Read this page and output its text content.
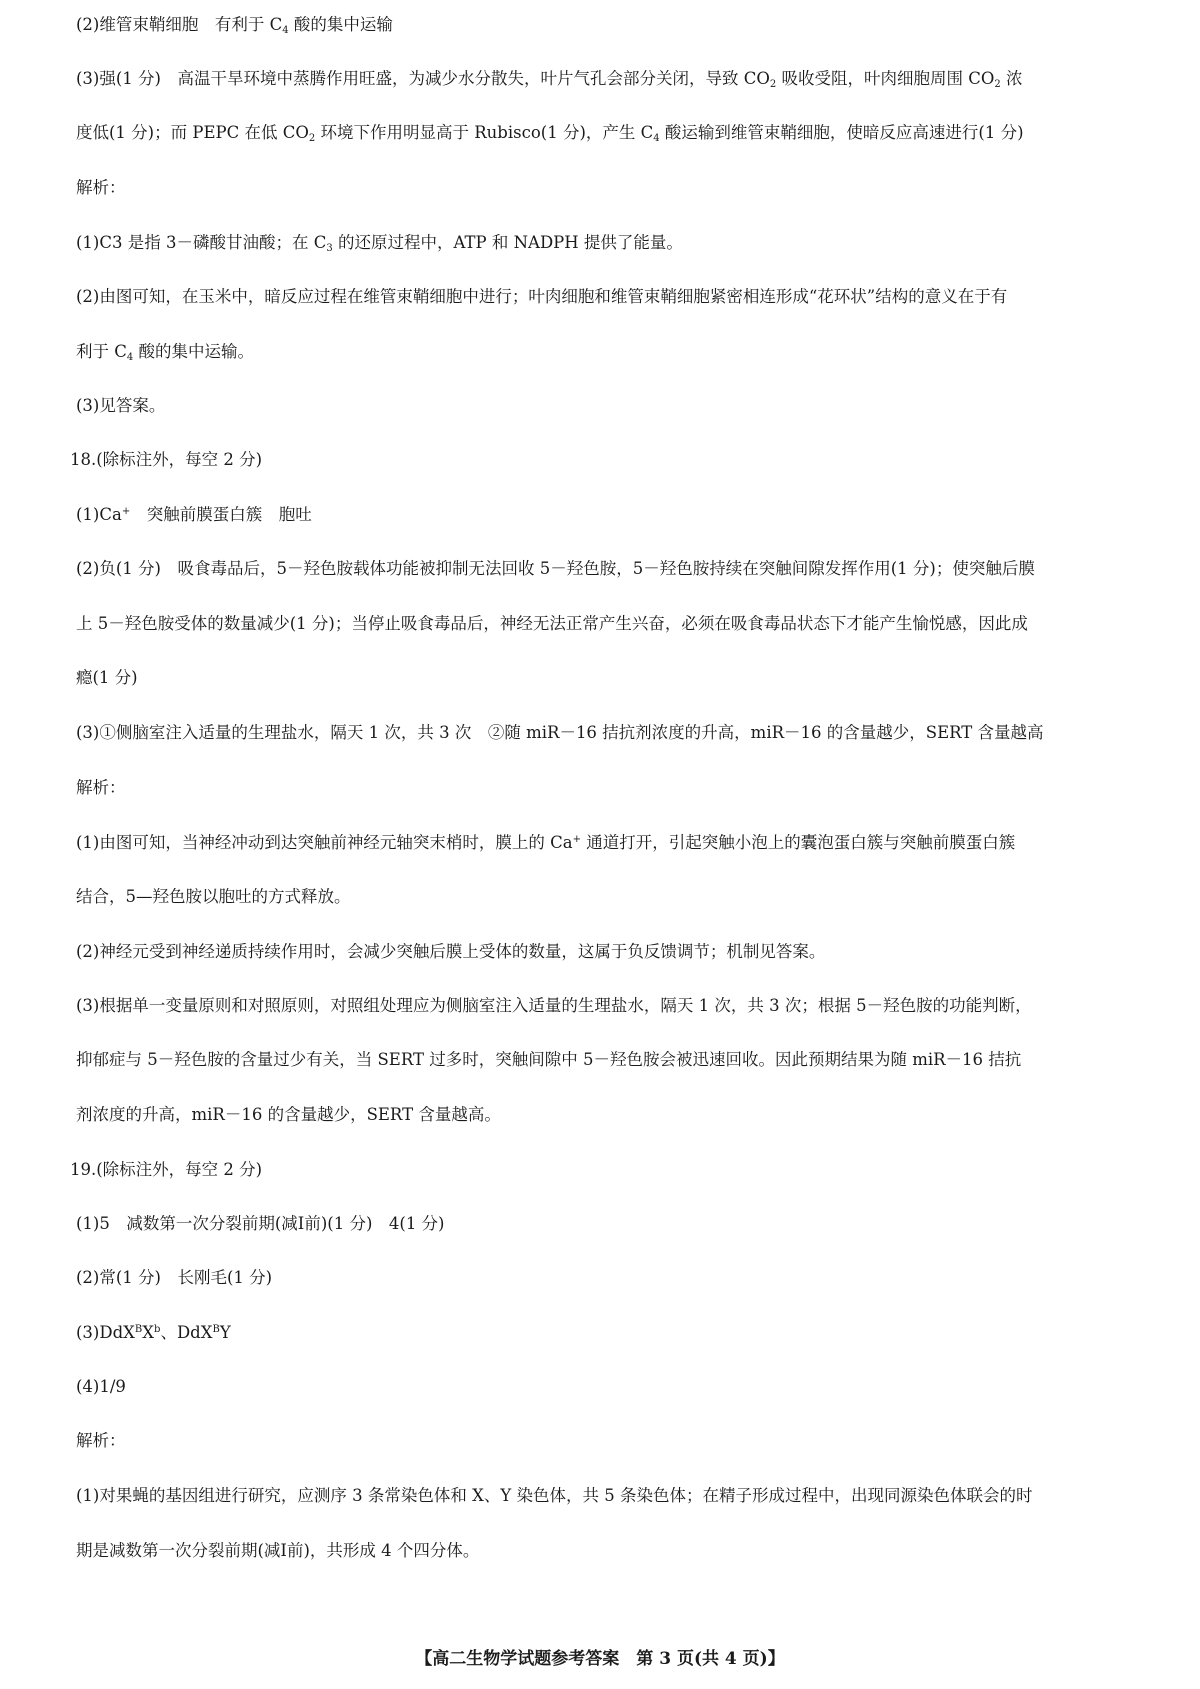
(2)维管束鞘细胞　有利于 $C_4$ 酸的集中运输
(3)强(1 分)　高温干旱环境中蒸腾作用旺盛，为减少水分散失，叶片气孔会部分关闭，导致 $CO_2$ 吸收受阻，叶肉细胞周围 $CO_2$ 浓
度低(1 分)；而 PEPC 在低 $CO_2$ 环境下作用明显高于 Rubisco(1 分)，产生 $C_4$ 酸运输到维管束鞘细胞，使暗反应高速进行(1 分)
解析：
(1)C3 是指 3－磷酸甘油酸；在 $C_3$ 的还原过程中，ATP 和 NADPH 提供了能量。
(2)由图可知，在玉米中，暗反应过程在维管束鞘细胞中进行；叶肉细胞和维管束鞘细胞紧密相连形成“花环状”结构的意义在于有
利于 $C_4$ 酸的集中运输。
(3)见答案。
18.(除标注外，每空 2 分)
(1)Ca+　突触前膜蛋白簇　胞吐
(2)负(1 分)　吸食毒品后，5－羟色胺载体功能被抑制无法回收 5－羟色胺，5－羟色胺持续在突触间隙发挥作用(1 分)；使突触后膜
上 5－羟色胺受体的数量减少(1 分)；当停止吸食毒品后，神经无法正常产生兴奋，必须在吸食毒品状态下才能产生愉悦感，因此成
瘾(1 分)
(3)①侧脑室注入适量的生理盐水，隔天 1 次，共 3 次　②随 miR－16 拮抗剂浓度的升高，miR－16 的含量越少，SERT 含量越高
解析：
(1)由图可知，当神经冲动到达突触前神经元轴突末梢时，膜上的 Ca+ 通道打开，引起突触小泡上的囊泡蛋白簇与突触前膜蛋白簇
结合，5—羟色胺以胞吐的方式释放。
(2)神经元受到神经递质持续作用时，会减少突触后膜上受体的数量，这属于负反馈调节；机制见答案。
(3)根据单一变量原则和对照原则，对照组处理应为侧脑室注入适量的生理盐水，隔天 1 次，共 3 次；根据 5－羟色胺的功能判断，
抑郁症与 5－羟色胺的含量过少有关，当 SERT 过多时，突触间隙中 5－羟色胺会被迅速回收。因此预期结果为随 miR－16 拮抗
剂浓度的升高，miR－16 的含量越少，SERT 含量越高。
19.(除标注外，每空 2 分)
(1)5　减数第一次分裂前期(减Ⅰ前)(1 分)　4(1 分)
(2)常(1 分)　长刚毛(1 分)
$(3)DdX^BX^b$、DdX$^B$Y
(4)1/9
解析：
(1)对果蝇的基因组进行研究，应测序 3 条常染色体和 X、Y 染色体，共 5 条染色体；在精子形成过程中，出现同源染色体联会的时
期是减数第一次分裂前期(减Ⅰ前)，共形成 4 个四分体。
【高二生物学试题参考答案　第 3 页(共 4 页)】
